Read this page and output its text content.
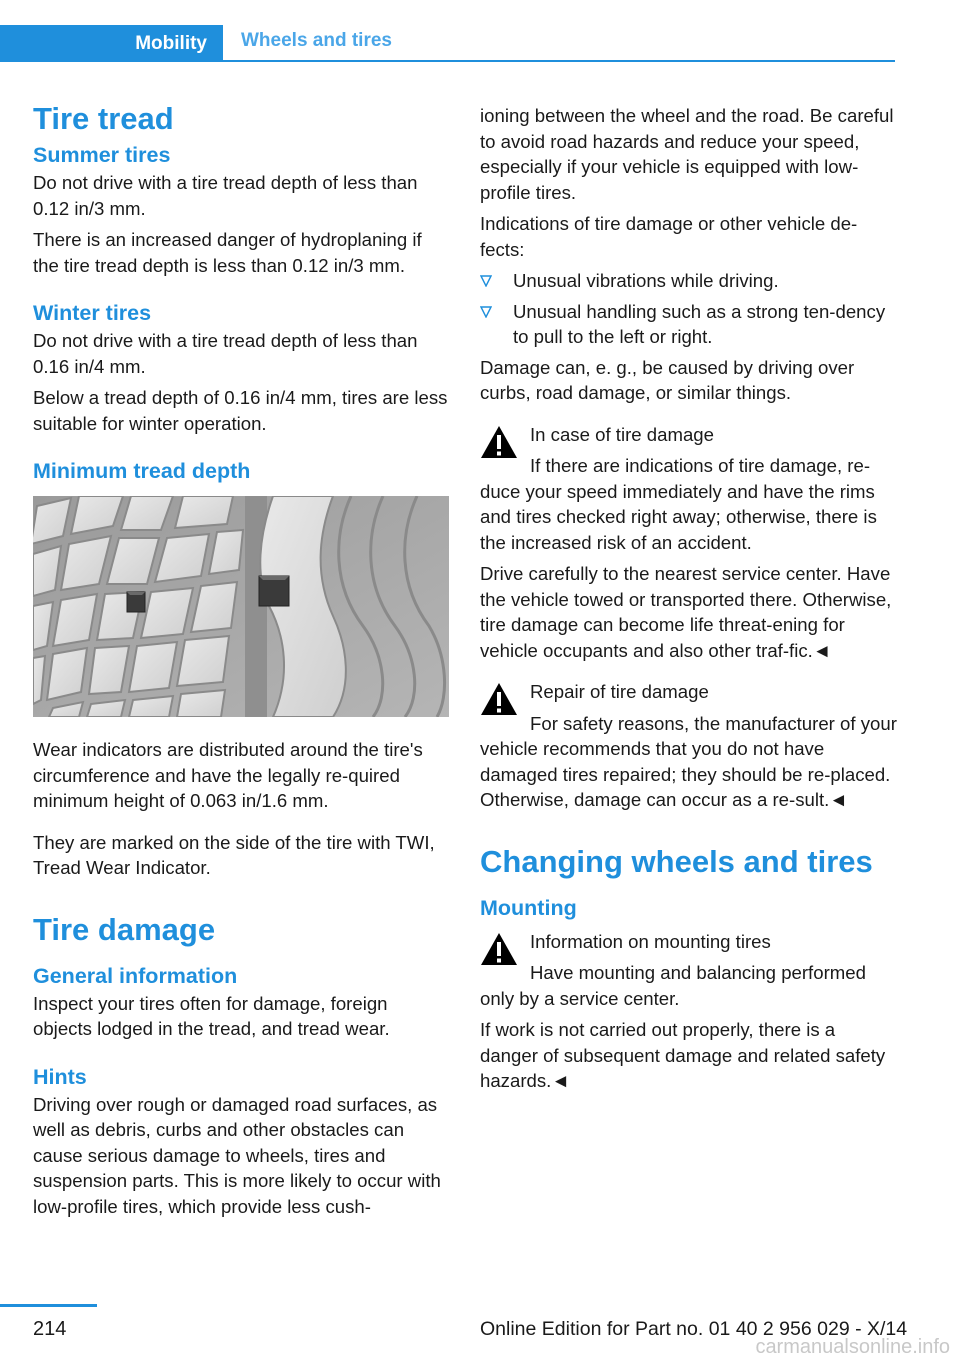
Mobility	Wheels and tires
Tire tread
Summer tires

Do not drive with a tire tread depth of less than 0.12 in/3 mm.

There is an increased danger of hydroplaning if the tire tread depth is less than 0.12 in/3 mm.

Winter tires

Do not drive with a tire tread depth of less than 0.16 in/4 mm.

Below a tread depth of 0.16 in/4 mm, tires are less suitable for winter operation.

Minimum tread depth

Wear indicators are distributed around the tire's circumference and have the legally re-quired minimum height of 0.063 in/1.6 mm.

They are marked on the side of the tire with TWI, Tread Wear Indicator.

Tire damage
General information

Inspect your tires often for damage, foreign objects lodged in the tread, and tread wear.

Hints

Driving over rough or damaged road surfaces, as well as debris, curbs and other obstacles can cause serious damage to wheels, tires and suspension parts. This is more likely to occur with low-profile tires, which provide less cush-

ioning between the wheel and the road. Be careful to avoid road hazards and reduce your speed, especially if your vehicle is equipped with low-profile tires.

Indications of tire damage or other vehicle de-fects:

Unusual vibrations while driving.
Unusual handling such as a strong ten-dency to pull to the left or right.

Damage can, e. g., be caused by driving over curbs, road damage, or similar things.

In case of tire damage
If there are indications of tire damage, re-duce your speed immediately and have the rims and tires checked right away; otherwise, there is the increased risk of an accident.

Drive carefully to the nearest service center. Have the vehicle towed or transported there. Otherwise, tire damage can become life threat-ening for vehicle occupants and also other traf-fic.◄

Repair of tire damage
For safety reasons, the manufacturer of your vehicle recommends that you do not have damaged tires repaired; they should be re-placed. Otherwise, damage can occur as a re-sult.◄
Changing wheels and tires
Mounting
Information on mounting tires
Have mounting and balancing performed only by a service center.

If work is not carried out properly, there is a danger of subsequent damage and related safety hazards.◄

214	Online Edition for Part no. 01 40 2 956 029 - X/14
carmanualsonline.info
